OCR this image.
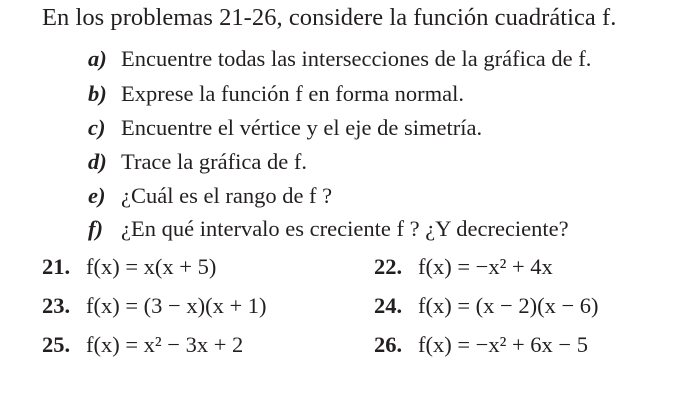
En los problemas 21-26, considere la función cuadrática f.
a) Encuentre todas las intersecciones de la gráfica de f.
b) Exprese la función f en forma normal.
c) Encuentre el vértice y el eje de simetría.
d) Trace la gráfica de f.
e) ¿Cuál es el rango de f ?
f) ¿En qué intervalo es creciente f ? ¿Y decreciente?
21. f(x) = x(x + 5)	22. f(x) = −x² + 4x
23. f(x) = (3 − x)(x + 1)	24. f(x) = (x − 2)(x − 6)
25. f(x) = x² − 3x + 2	26. f(x) = −x² + 6x − 5
